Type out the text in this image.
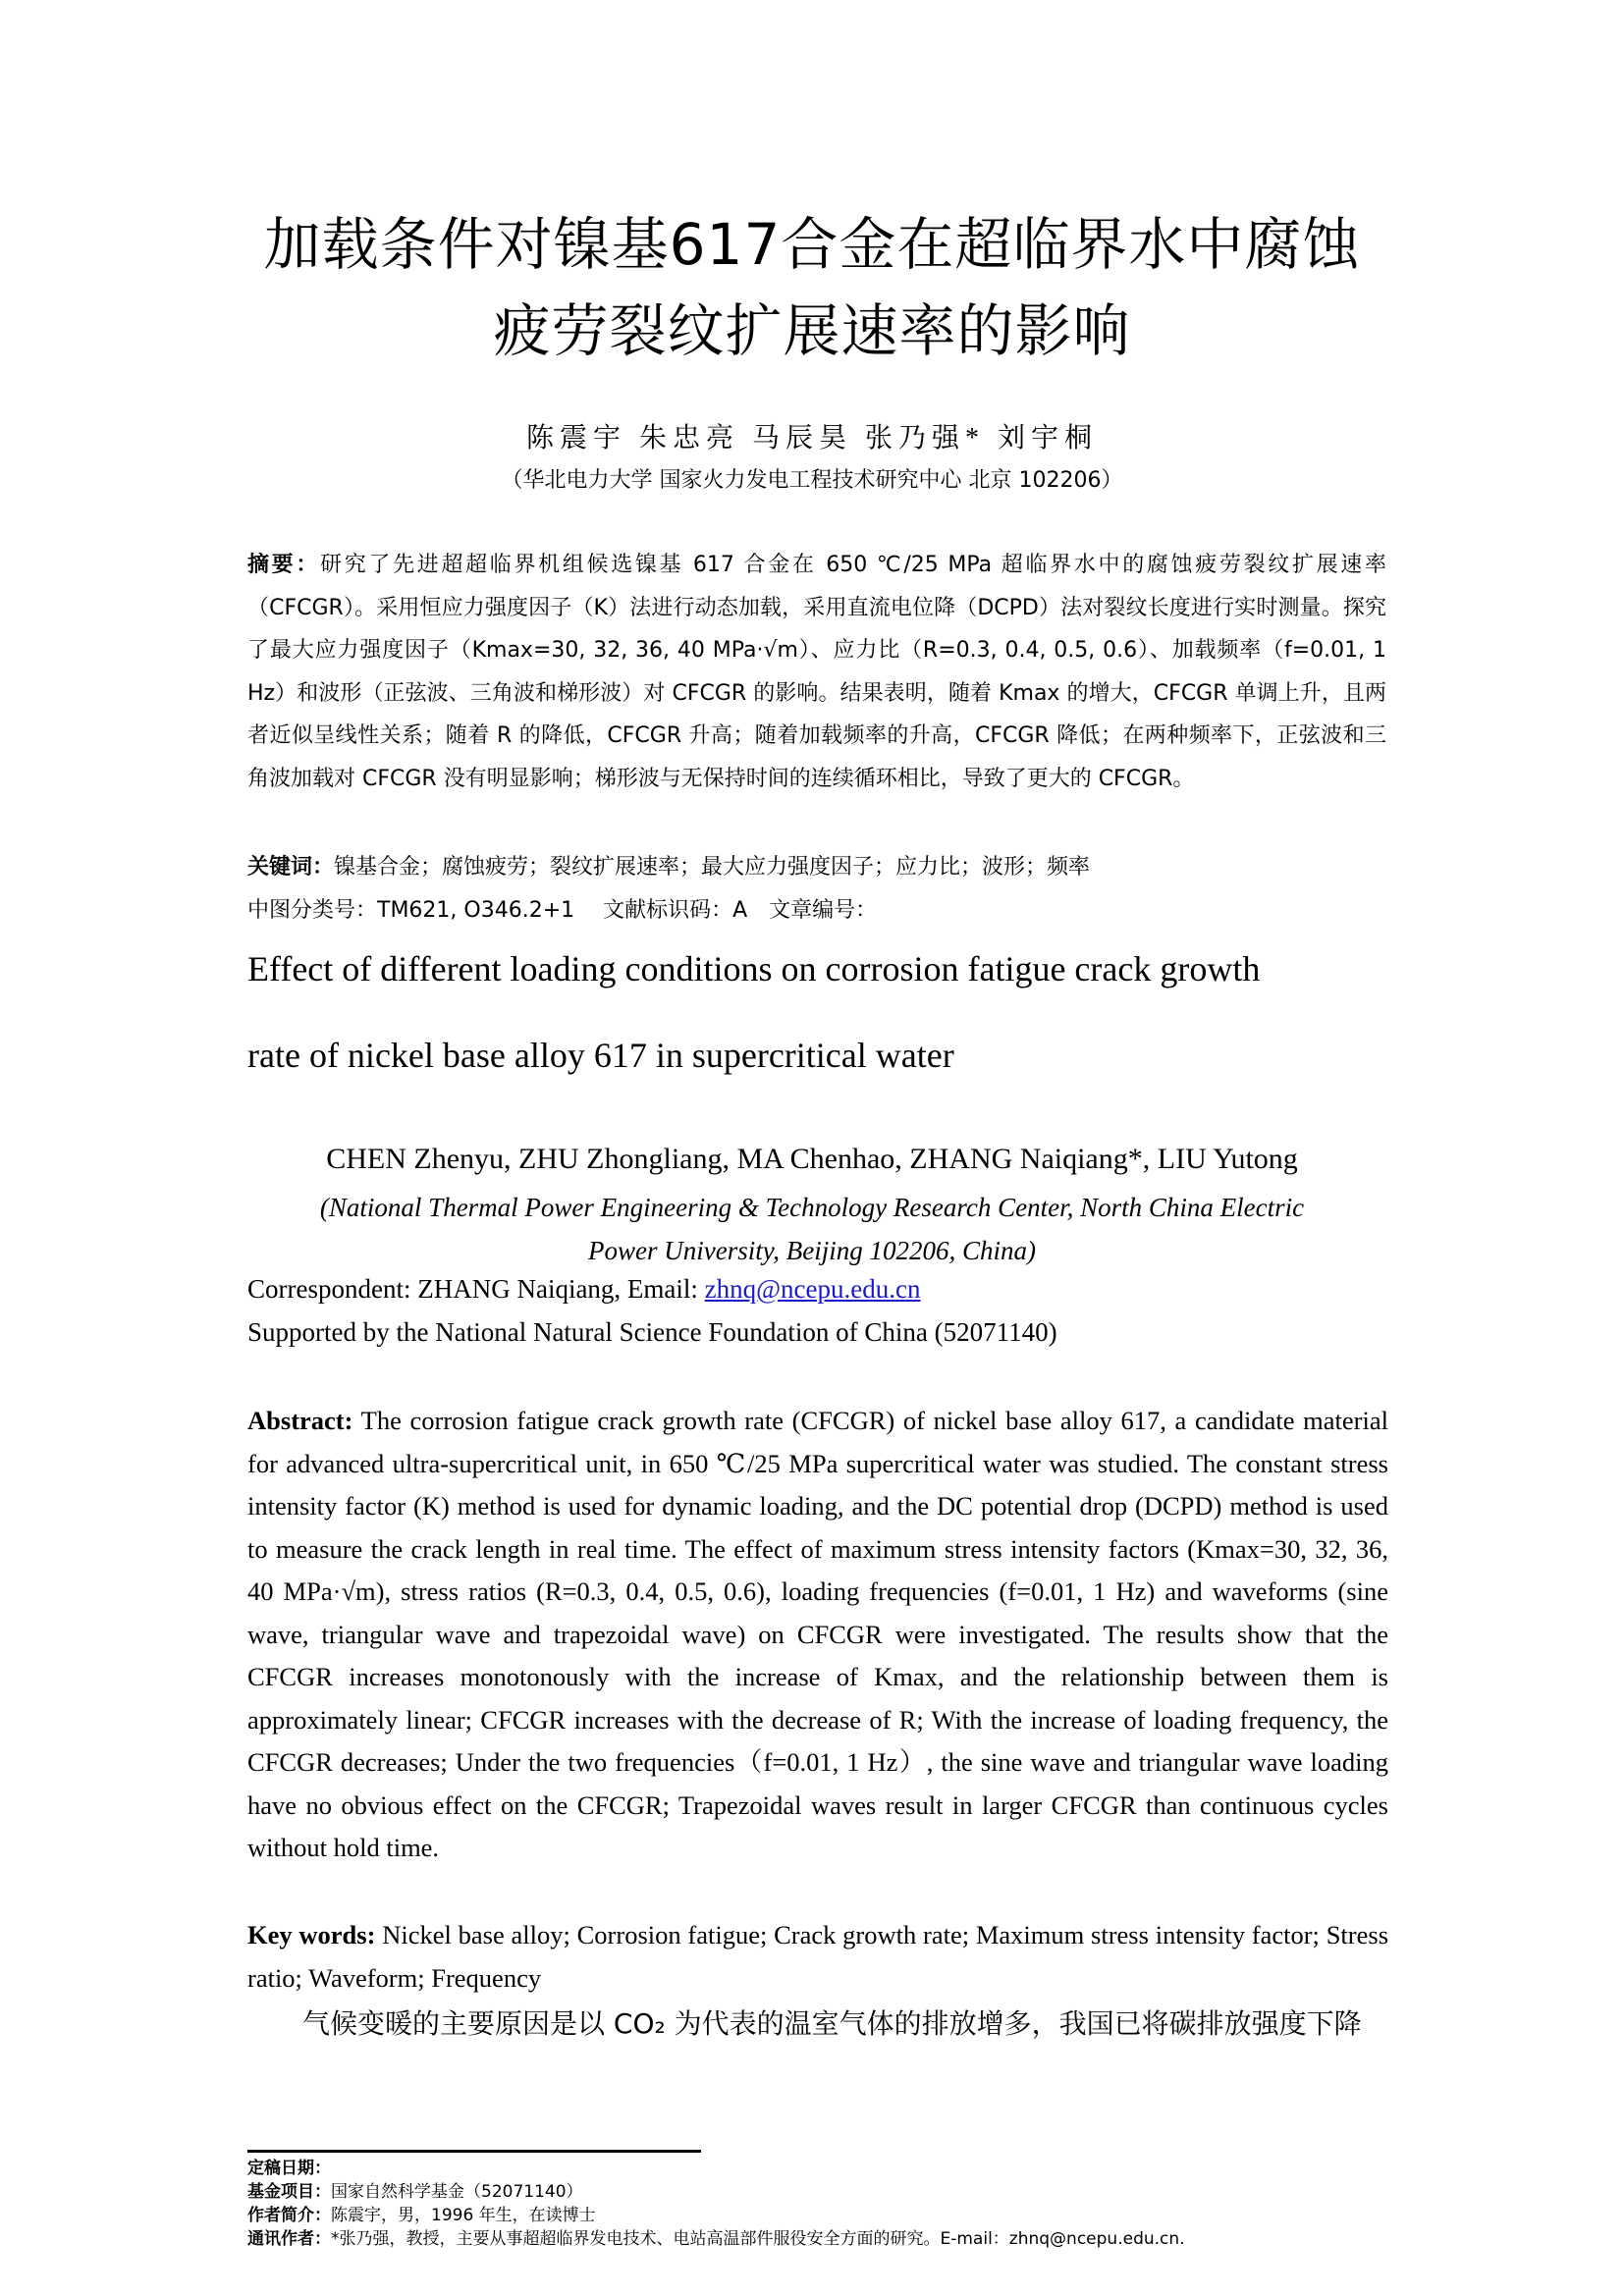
加载条件对镍基617合金在超临界水中腐蚀
疲劳裂纹扩展速率的影响
陈震宇 朱忠亮 马辰昊 张乃强* 刘宇桐
（华北电力大学 国家火力发电工程技术研究中心 北京 102206）
摘要：研究了先进超超临界机组候选镍基 617 合金在 650 ℃/25 MPa 超临界水中的腐蚀疲劳裂纹扩展速率（CFCGR）。采用恒应力强度因子（K）法进行动态加载，采用直流电位降（DCPD）法对裂纹长度进行实时测量。探究了最大应力强度因子（Kmax=30, 32, 36, 40 MPa·√m）、应力比（R=0.3, 0.4, 0.5, 0.6）、加载频率（f=0.01, 1 Hz）和波形（正弦波、三角波和梯形波）对 CFCGR 的影响。结果表明，随着 Kmax 的增大，CFCGR 单调上升，且两者近似呈线性关系；随着 R 的降低，CFCGR 升高；随着加载频率的升高，CFCGR 降低；在两种频率下，正弦波和三角波加载对 CFCGR 没有明显影响；梯形波与无保持时间的连续循环相比，导致了更大的 CFCGR。
关键词：镍基合金；腐蚀疲劳；裂纹扩展速率；最大应力强度因子；应力比；波形；频率
中图分类号：TM621, O346.2+1　 文献标识码：A　文章编号：
Effect of different loading conditions on corrosion fatigue crack growth
rate of nickel base alloy 617 in supercritical water
CHEN Zhenyu, ZHU Zhongliang, MA Chenhao, ZHANG Naiqiang*, LIU Yutong
(National Thermal Power Engineering & Technology Research Center, North China Electric
Power University, Beijing 102206, China)
Correspondent: ZHANG Naiqiang, Email: zhnq@ncepu.edu.cn
Supported by the National Natural Science Foundation of China (52071140)
Abstract: The corrosion fatigue crack growth rate (CFCGR) of nickel base alloy 617, a candidate material for advanced ultra-supercritical unit, in 650 ℃/25 MPa supercritical water was studied. The constant stress intensity factor (K) method is used for dynamic loading, and the DC potential drop (DCPD) method is used to measure the crack length in real time. The effect of maximum stress intensity factors (Kmax=30, 32, 36, 40 MPa·√m), stress ratios (R=0.3, 0.4, 0.5, 0.6), loading frequencies (f=0.01, 1 Hz) and waveforms (sine wave, triangular wave and trapezoidal wave) on CFCGR were investigated. The results show that the CFCGR increases monotonously with the increase of Kmax, and the relationship between them is approximately linear; CFCGR increases with the decrease of R; With the increase of loading frequency, the CFCGR decreases; Under the two frequencies（f=0.01, 1 Hz）, the sine wave and triangular wave loading have no obvious effect on the CFCGR; Trapezoidal waves result in larger CFCGR than continuous cycles without hold time.
Key words: Nickel base alloy; Corrosion fatigue; Crack growth rate; Maximum stress intensity factor; Stress ratio; Waveform; Frequency
气候变暖的主要原因是以 CO₂ 为代表的温室气体的排放增多，我国已将碳排放强度下降
定稿日期：
基金项目：国家自然科学基金（52071140）
作者简介：陈震宇，男，1996 年生，在读博士
通讯作者：*张乃强，教授，主要从事超超临界发电技术、电站高温部件服役安全方面的研究。E-mail：zhnq@ncepu.edu.cn.
